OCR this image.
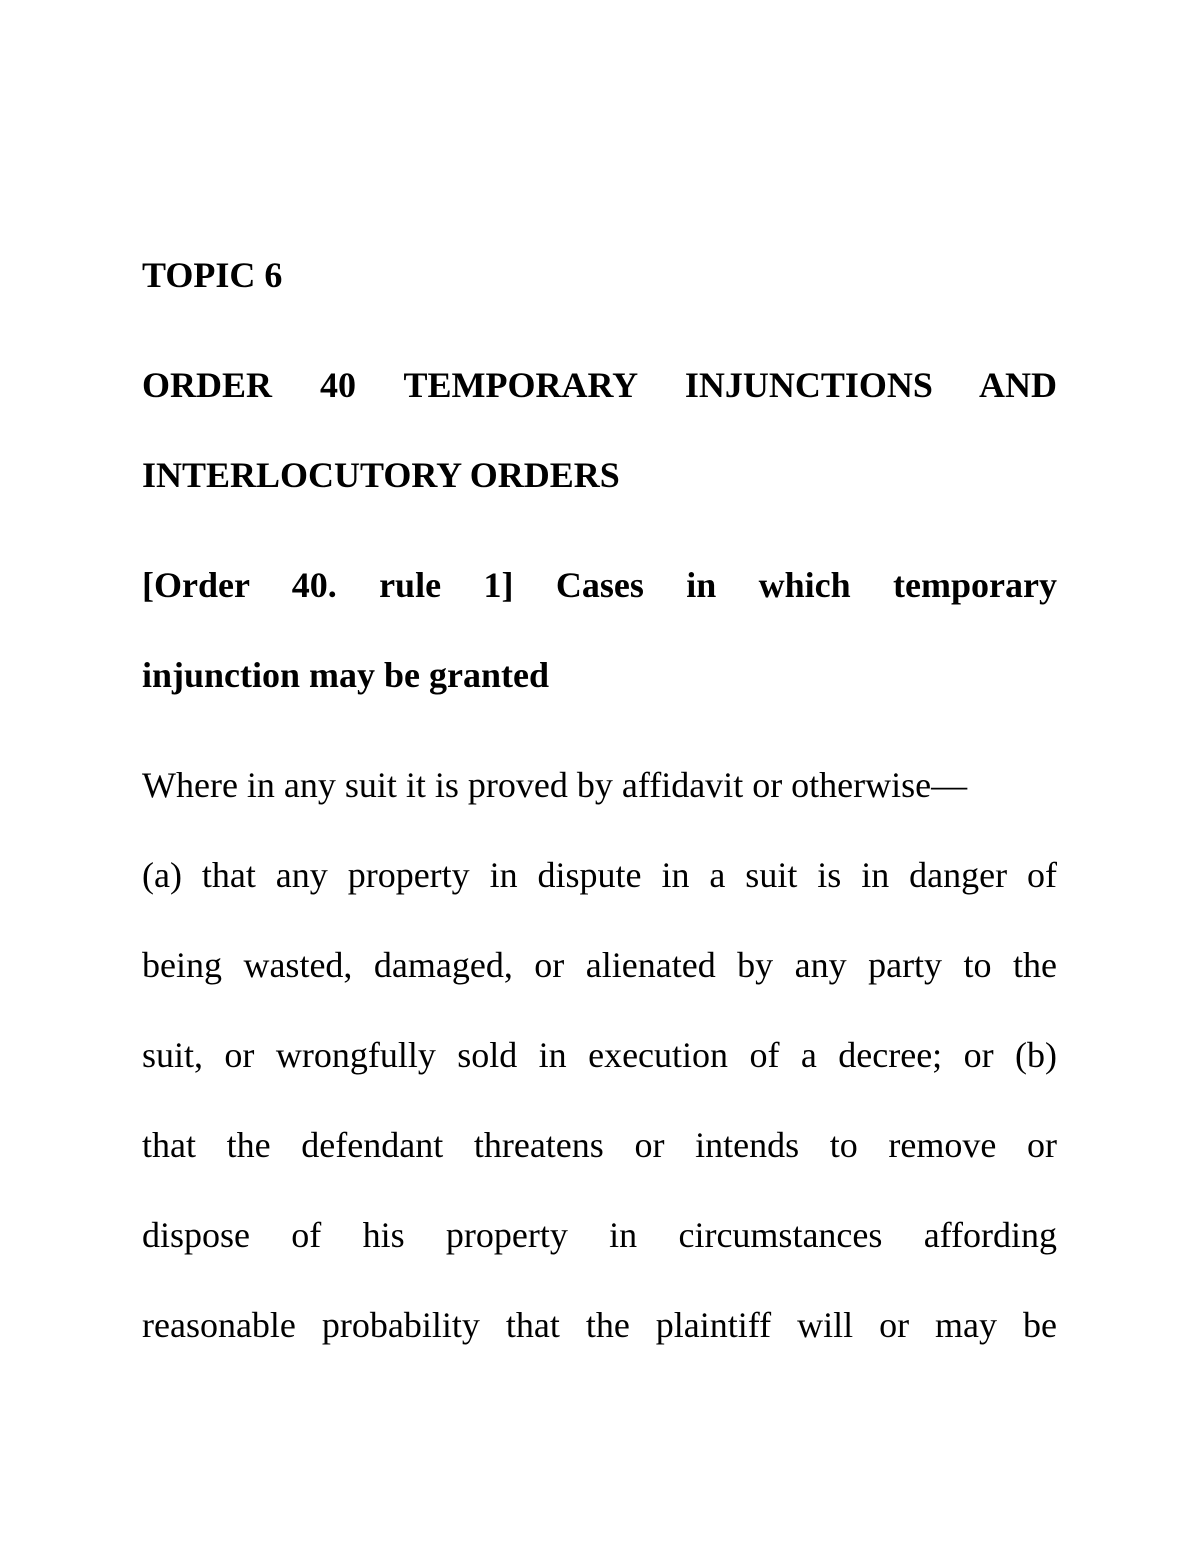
TOPIC 6
ORDER 40 TEMPORARY INJUNCTIONS AND
INTERLOCUTORY ORDERS
[Order 40. rule 1] Cases in which temporary
injunction may be granted
Where in any suit it is proved by affidavit or otherwise—
(a) that any property in dispute in a suit is in danger of
being wasted, damaged, or alienated by any party to the
suit, or wrongfully sold in execution of a decree; or (b)
that the defendant threatens or intends to remove or
dispose of his property in circumstances affording
reasonable probability that the plaintiff will or may be
